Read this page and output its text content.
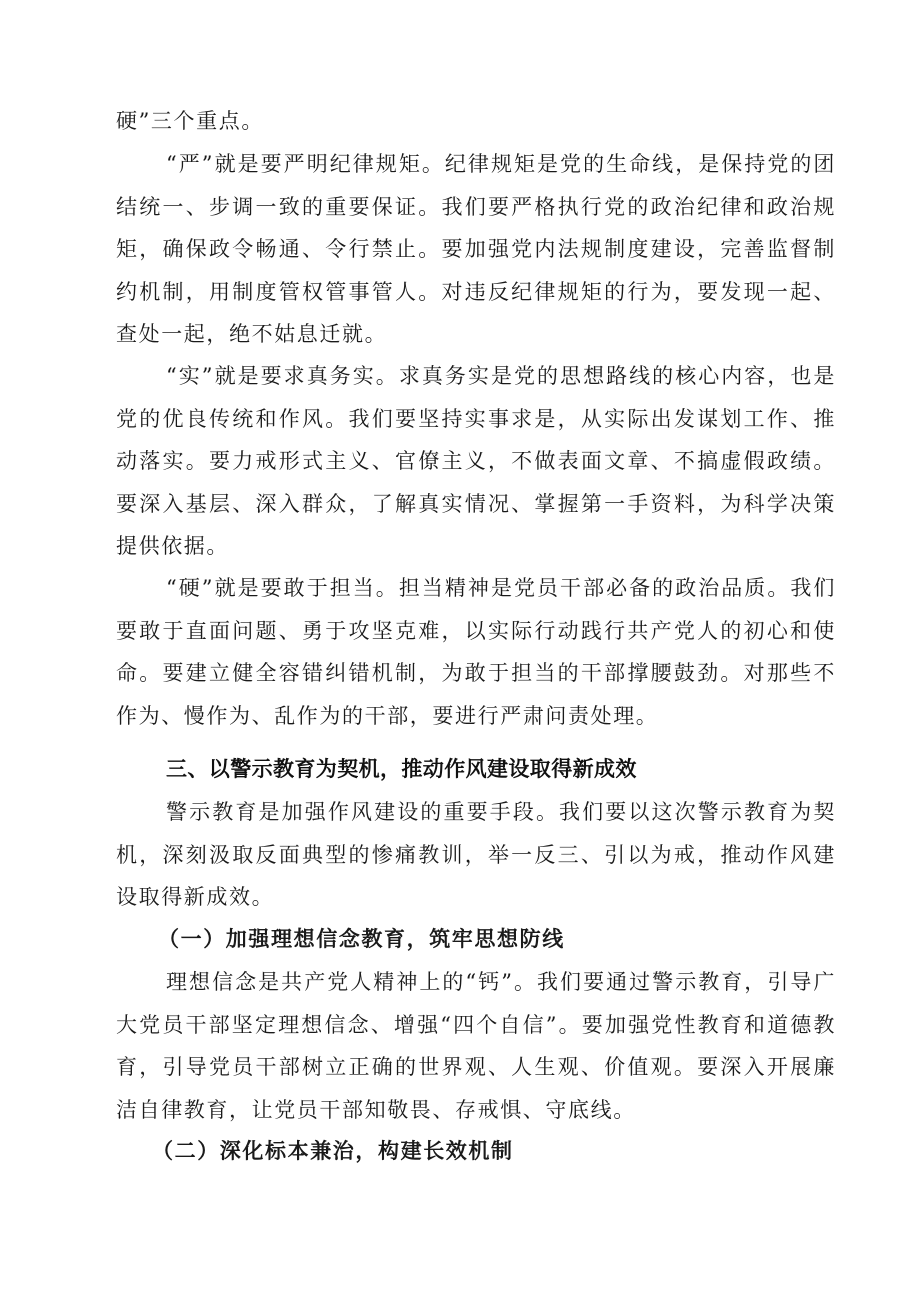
硬”三个重点。

“严”就是要严明纪律规矩。纪律规矩是党的生命线，是保持党的团结统一、步调一致的重要保证。我们要严格执行党的政治纪律和政治规矩，确保政令畅通、令行禁止。要加强党内法规制度建设，完善监督制约机制，用制度管权管事管人。对违反纪律规矩的行为，要发现一起、查处一起，绝不姑息迁就。

“实”就是要求真务实。求真务实是党的思想路线的核心内容，也是党的优良传统和作风。我们要坚持实事求是，从实际出发谋划工作、推动落实。要力戒形式主义、官僚主义，不做表面文章、不搞虚假政绩。要深入基层、深入群众，了解真实情况、掌握第一手资料，为科学决策提供依据。

“硬”就是要敢于担当。担当精神是党员干部必备的政治品质。我们要敢于直面问题、勇于攻坚克难，以实际行动践行共产党人的初心和使命。要建立健全容错纠错机制，为敢于担当的干部撑腰鼓劲。对那些不作为、慢作为、乱作为的干部，要进行严肃问责处理。

三、以警示教育为契机，推动作风建设取得新成效

警示教育是加强作风建设的重要手段。我们要以这次警示教育为契机，深刻汲取反面典型的惨痛教训，举一反三、引以为戒，推动作风建设取得新成效。

（一）加强理想信念教育，筑牢思想防线

理想信念是共产党人精神上的“钙”。我们要通过警示教育，引导广大党员干部坚定理想信念、增强“四个自信”。要加强党性教育和道德教育，引导党员干部树立正确的世界观、人生观、价值观。要深入开展廉洁自律教育，让党员干部知敬畏、存戒惧、守底线。

（二）深化标本兼治，构建长效机制
